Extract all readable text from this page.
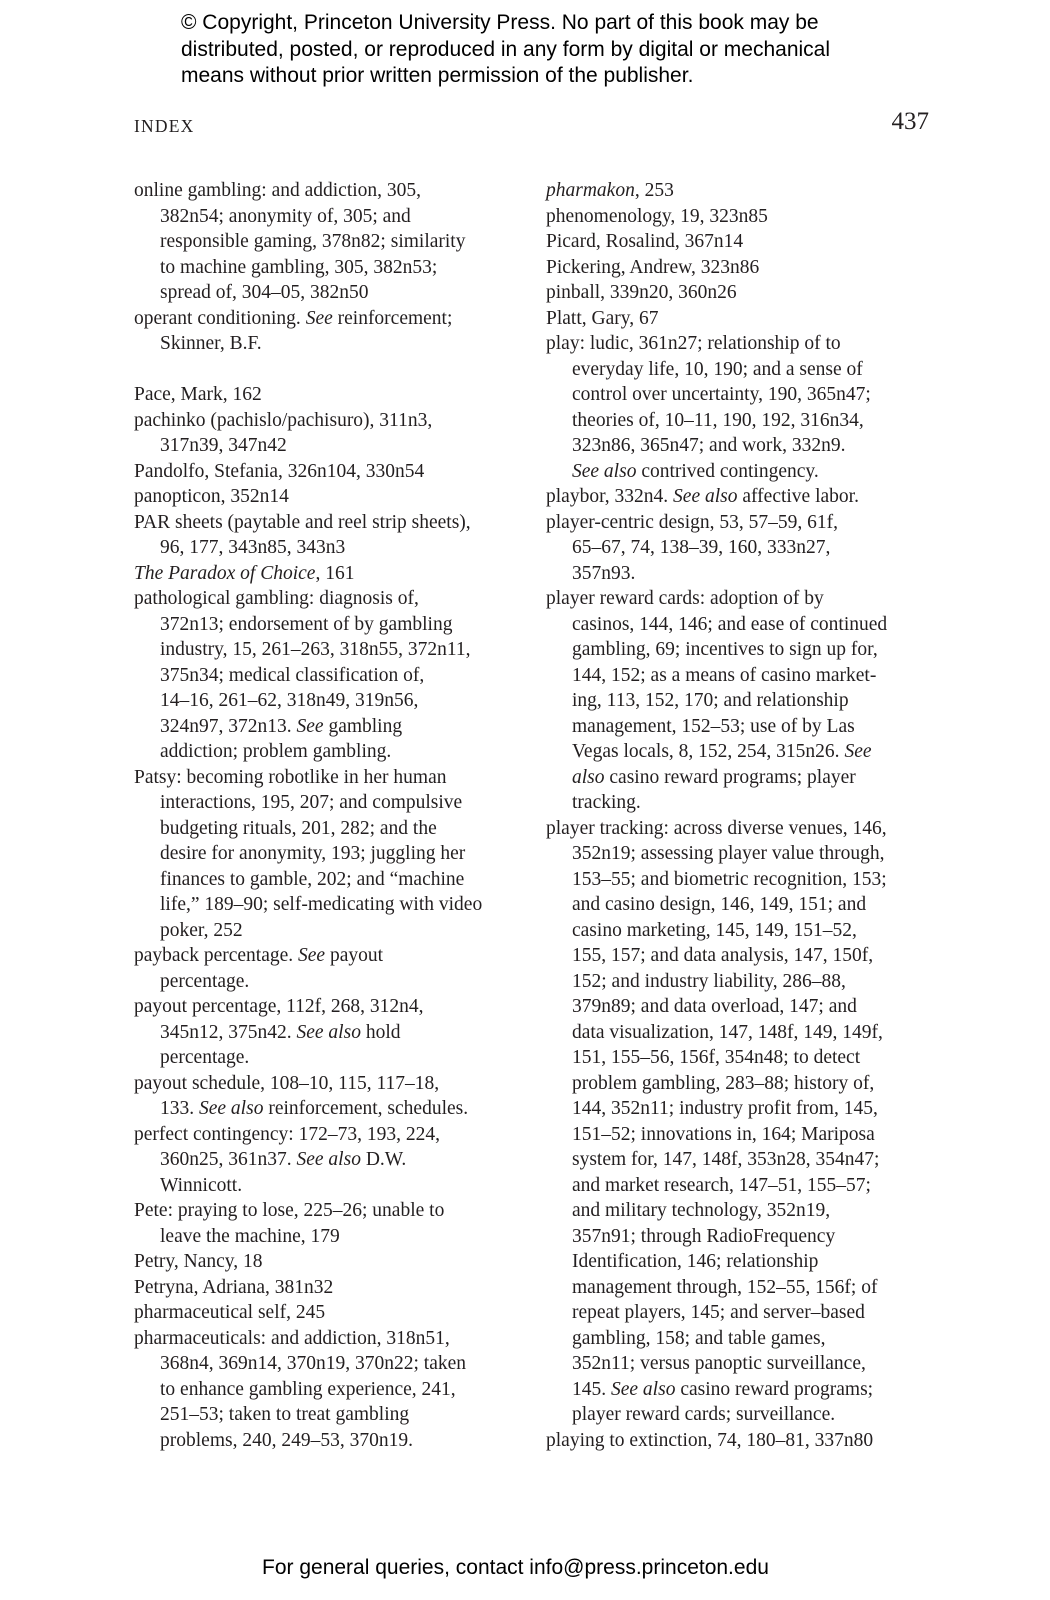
© Copyright, Princeton University Press. No part of this book may be
distributed, posted, or reproduced in any form by digital or mechanical
means without prior written permission of the publisher.
INDEX	437
online gambling: and addiction, 305,
382n54; anonymity of, 305; and
responsible gaming, 378n82; similarity
to machine gambling, 305, 382n53;
spread of, 304–05, 382n50
operant conditioning. See reinforcement;
Skinner, B.F.
Pace, Mark, 162
pachinko (pachislo/pachisuro), 311n3,
317n39, 347n42
Pandolfo, Stefania, 326n104, 330n54
panopticon, 352n14
PAR sheets (paytable and reel strip sheets),
96, 177, 343n85, 343n3
The Paradox of Choice, 161
pathological gambling: diagnosis of,
372n13; endorsement of by gambling
industry, 15, 261–263, 318n55, 372n11,
375n34; medical classification of,
14–16, 261–62, 318n49, 319n56,
324n97, 372n13. See gambling
addiction; problem gambling.
Patsy: becoming robotlike in her human
interactions, 195, 207; and compulsive
budgeting rituals, 201, 282; and the
desire for anonymity, 193; juggling her
finances to gamble, 202; and “machine
life,” 189–90; self-medicating with video
poker, 252
payback percentage. See payout
percentage.
payout percentage, 112f, 268, 312n4,
345n12, 375n42. See also hold
percentage.
payout schedule, 108–10, 115, 117–18,
133. See also reinforcement, schedules.
perfect contingency: 172–73, 193, 224,
360n25, 361n37. See also D.W.
Winnicott.
Pete: praying to lose, 225–26; unable to
leave the machine, 179
Petry, Nancy, 18
Petryna, Adriana, 381n32
pharmaceutical self, 245
pharmaceuticals: and addiction, 318n51,
368n4, 369n14, 370n19, 370n22; taken
to enhance gambling experience, 241,
251–53; taken to treat gambling
problems, 240, 249–53, 370n19.
pharmakon, 253
phenomenology, 19, 323n85
Picard, Rosalind, 367n14
Pickering, Andrew, 323n86
pinball, 339n20, 360n26
Platt, Gary, 67
play: ludic, 361n27; relationship of to
everyday life, 10, 190; and a sense of
control over uncertainty, 190, 365n47;
theories of, 10–11, 190, 192, 316n34,
323n86, 365n47; and work, 332n9.
See also contrived contingency.
playbor, 332n4. See also affective labor.
player-centric design, 53, 57–59, 61f,
65–67, 74, 138–39, 160, 333n27,
357n93.
player reward cards: adoption of by
casinos, 144, 146; and ease of continued
gambling, 69; incentives to sign up for,
144, 152; as a means of casino market-
ing, 113, 152, 170; and relationship
management, 152–53; use of by Las
Vegas locals, 8, 152, 254, 315n26. See
also casino reward programs; player
tracking.
player tracking: across diverse venues, 146,
352n19; assessing player value through,
153–55; and biometric recognition, 153;
and casino design, 146, 149, 151; and
casino marketing, 145, 149, 151–52,
155, 157; and data analysis, 147, 150f,
152; and industry liability, 286–88,
379n89; and data overload, 147; and
data visualization, 147, 148f, 149, 149f,
151, 155–56, 156f, 354n48; to detect
problem gambling, 283–88; history of,
144, 352n11; industry profit from, 145,
151–52; innovations in, 164; Mariposa
system for, 147, 148f, 353n28, 354n47;
and market research, 147–51, 155–57;
and military technology, 352n19,
357n91; through RadioFrequency
Identification, 146; relationship
management through, 152–55, 156f; of
repeat players, 145; and server–based
gambling, 158; and table games,
352n11; versus panoptic surveillance,
145. See also casino reward programs;
player reward cards; surveillance.
playing to extinction, 74, 180–81, 337n80
For general queries, contact info@press.princeton.edu
